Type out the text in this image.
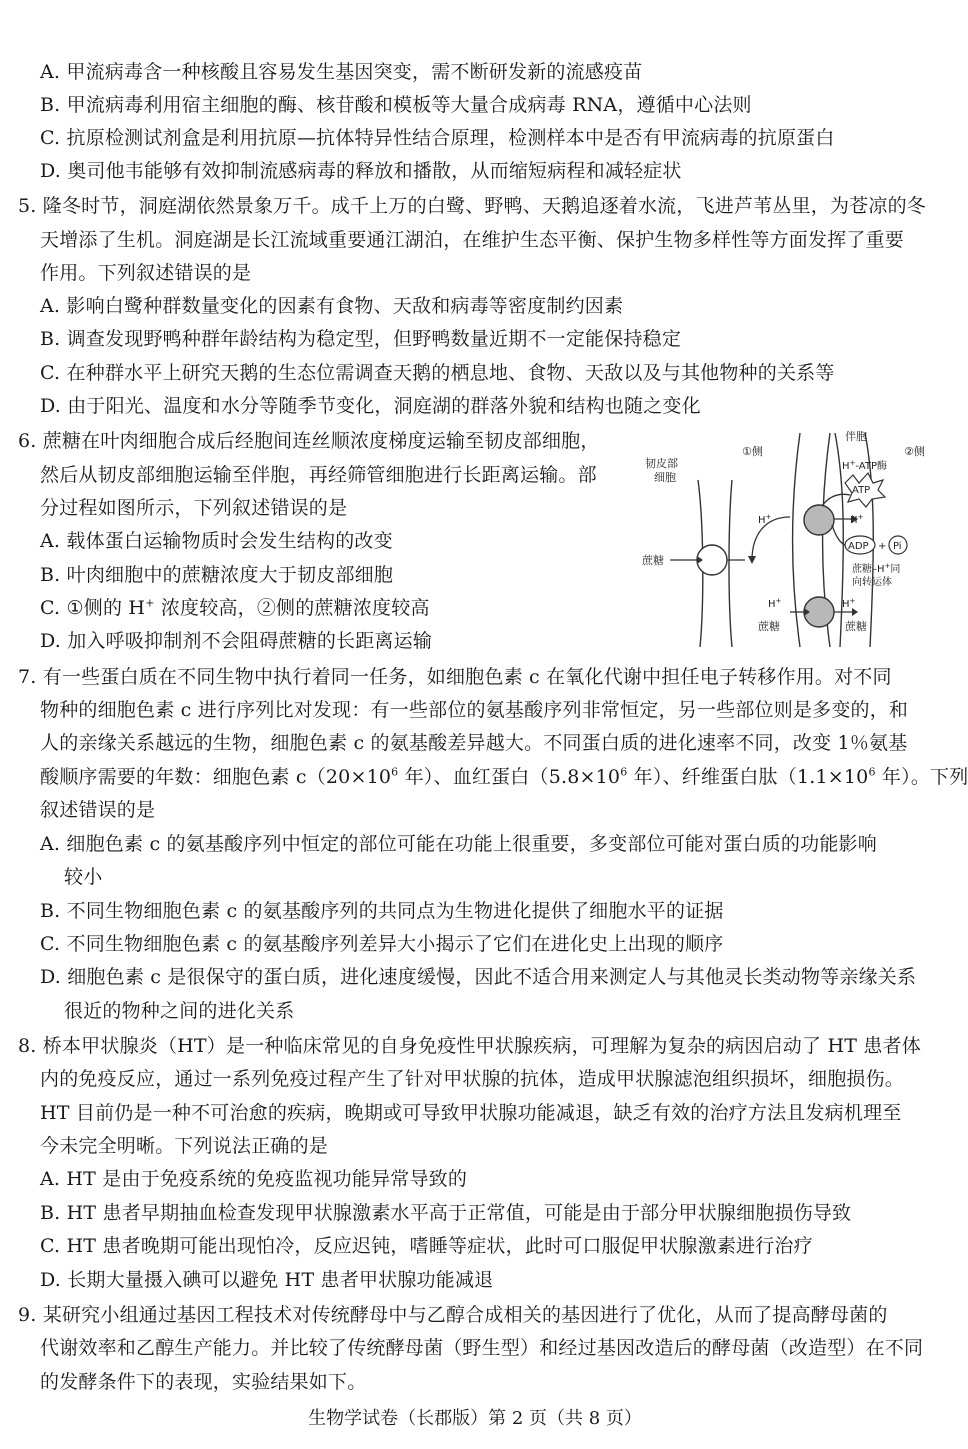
A. 甲流病毒含一种核酸且容易发生基因突变，需不断研发新的流感疫苗
B. 甲流病毒利用宿主细胞的酶、核苷酸和模板等大量合成病毒 RNA，遵循中心法则
C. 抗原检测试剂盒是利用抗原—抗体特异性结合原理，检测样本中是否有甲流病毒的抗原蛋白
D. 奥司他韦能够有效抑制流感病毒的释放和播散，从而缩短病程和减轻症状
5. 隆冬时节，洞庭湖依然景象万千。成千上万的白鹭、野鸭、天鹅追逐着水流，飞进芦苇丛里，为苍凉的冬
天增添了生机。洞庭湖是长江流域重要通江湖泊，在维护生态平衡、保护生物多样性等方面发挥了重要
作用。下列叙述错误的是
A. 影响白鹭种群数量变化的因素有食物、天敌和病毒等密度制约因素
B. 调查发现野鸭种群年龄结构为稳定型，但野鸭数量近期不一定能保持稳定
C. 在种群水平上研究天鹅的生态位需调查天鹅的栖息地、食物、天敌以及与其他物种的关系等
D. 由于阳光、温度和水分等随季节变化，洞庭湖的群落外貌和结构也随之变化
6. 蔗糖在叶肉细胞合成后经胞间连丝顺浓度梯度运输至韧皮部细胞，
然后从韧皮部细胞运输至伴胞，再经筛管细胞进行长距离运输。部
分过程如图所示，下列叙述错误的是
A. 载体蛋白运输物质时会发生结构的改变
B. 叶肉细胞中的蔗糖浓度大于韧皮部细胞
C. ①侧的 H+ 浓度较高，②侧的蔗糖浓度较高
D. 加入呼吸抑制剂不会阻碍蔗糖的长距离运输
①侧
伴胞
②侧
韧皮部
细胞
H+-ATP酶
ATP
ADP + Pi
H+	H+
蔗糖
蔗糖–H+同
向转运体
H+	H+
蔗糖	蔗糖
7. 有一些蛋白质在不同生物中执行着同一任务，如细胞色素 c 在氧化代谢中担任电子转移作用。对不同
物种的细胞色素 c 进行序列比对发现：有一些部位的氨基酸序列非常恒定，另一些部位则是多变的，和
人的亲缘关系越远的生物，细胞色素 c 的氨基酸差异越大。不同蛋白质的进化速率不同，改变 1％氨基
酸顺序需要的年数：细胞色素 $c(20\times 10^6$ 年）、血红蛋白（$5.8\times 10^6$ 年）、纤维蛋白肽（$1.1\times 10^6$ 年）。下列
叙述错误的是
A. 细胞色素 c 的氨基酸序列中恒定的部位可能在功能上很重要，多变部位可能对蛋白质的功能影响
较小
B. 不同生物细胞色素 c 的氨基酸序列的共同点为生物进化提供了细胞水平的证据
C. 不同生物细胞色素 c 的氨基酸序列差异大小揭示了它们在进化史上出现的顺序
D. 细胞色素 c 是很保守的蛋白质，进化速度缓慢，因此不适合用来测定人与其他灵长类动物等亲缘关系
很近的物种之间的进化关系
8. 桥本甲状腺炎（HT）是一种临床常见的自身免疫性甲状腺疾病，可理解为复杂的病因启动了 HT 患者体
内的免疫反应，通过一系列免疫过程产生了针对甲状腺的抗体，造成甲状腺滤泡组织损坏，细胞损伤。
HT 目前仍是一种不可治愈的疾病，晚期或可导致甲状腺功能减退，缺乏有效的治疗方法且发病机理至
今未完全明晰。下列说法正确的是
A. HT 是由于免疫系统的免疫监视功能异常导致的
B. HT 患者早期抽血检查发现甲状腺激素水平高于正常值，可能是由于部分甲状腺细胞损伤导致
C. HT 患者晚期可能出现怕冷，反应迟钝，嗜睡等症状，此时可口服促甲状腺激素进行治疗
D. 长期大量摄入碘可以避免 HT 患者甲状腺功能减退
9. 某研究小组通过基因工程技术对传统酵母中与乙醇合成相关的基因进行了优化，从而了提高酵母菌的
代谢效率和乙醇生产能力。并比较了传统酵母菌（野生型）和经过基因改造后的酵母菌（改造型）在不同
的发酵条件下的表现，实验结果如下。
生物学试卷（长郡版）第 2 页（共 8 页）
